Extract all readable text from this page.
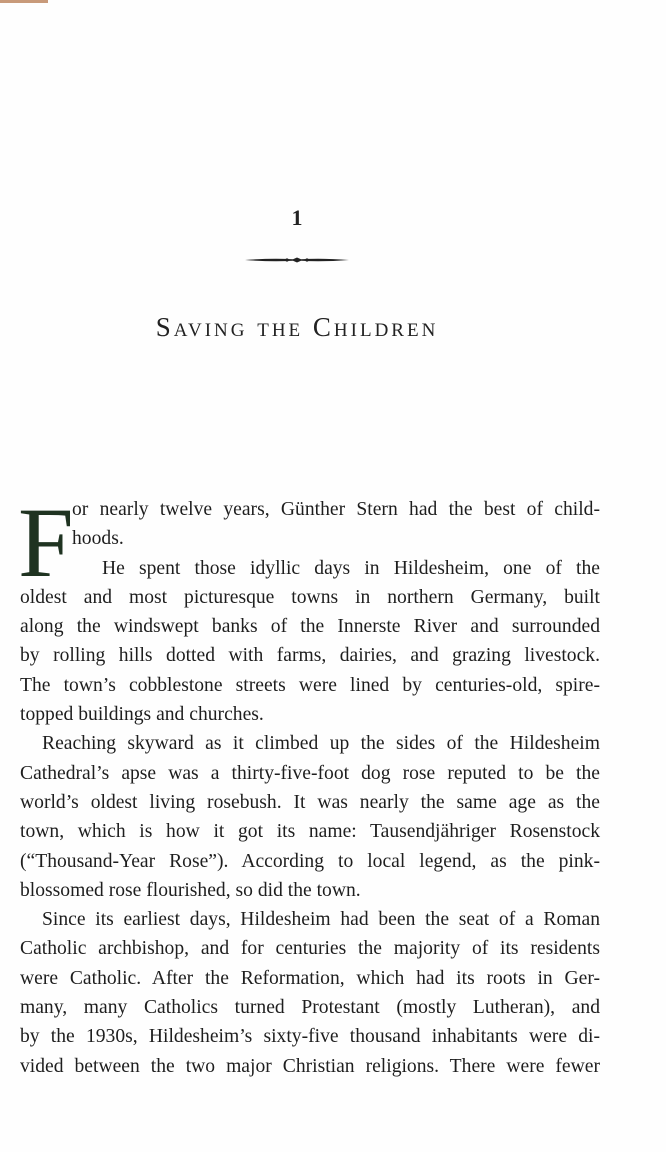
1
Saving the Children
F
or nearly twelve years, Günther Stern had the best of child-
hoods.
He spent those idyllic days in Hildesheim, one of the
oldest and most picturesque towns in northern Germany, built
along the windswept banks of the Innerste River and surrounded
by rolling hills dotted with farms, dairies, and grazing livestock.
The town’s cobblestone streets were lined by centuries-old, spire-
topped buildings and churches.
Reaching skyward as it climbed up the sides of the Hildesheim
Cathedral’s apse was a thirty-five-foot dog rose reputed to be the
world’s oldest living rosebush. It was nearly the same age as the
town, which is how it got its name: Tausendjähriger Rosenstock
(“Thousand-Year Rose”). According to local legend, as the pink-
blossomed rose flourished, so did the town.
Since its earliest days, Hildesheim had been the seat of a Roman
Catholic archbishop, and for centuries the majority of its residents
were Catholic. After the Reformation, which had its roots in Ger-
many, many Catholics turned Protestant (mostly Lutheran), and
by the 1930s, Hildesheim’s sixty-five thousand inhabitants were di-
vided between the two major Christian religions. There were fewer
